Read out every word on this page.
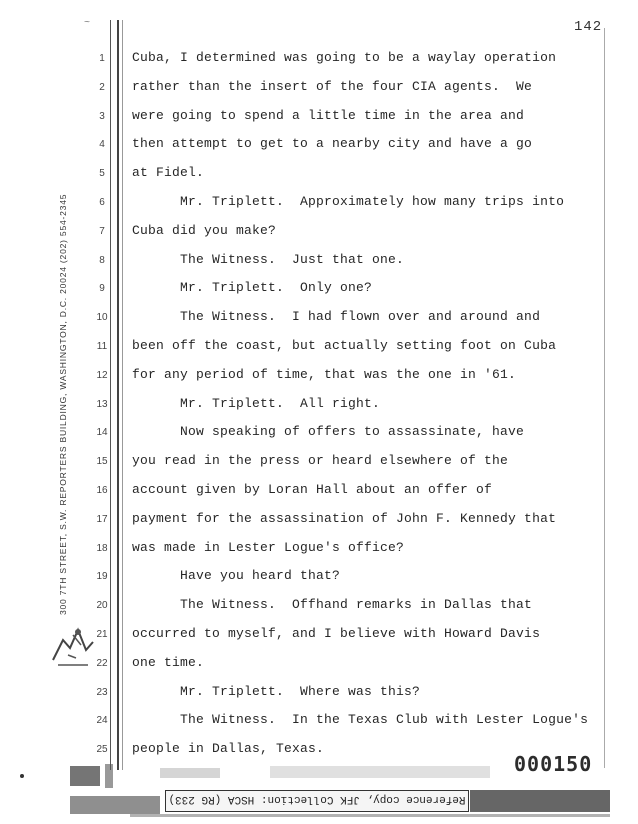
~	142
300 7TH STREET, S.W. REPORTERS BUILDING, WASHINGTON, D.C. 20024 (202) 554-2345
1	Cuba, I determined was going to be a waylay operation
2	rather than the insert of the four CIA agents.  We
3	were going to spend a little time in the area and
4	then attempt to get to a nearby city and have a go
5	at Fidel.
6	Mr. Triplett.  Approximately how many trips into
7	Cuba did you make?
8	The Witness.  Just that one.
9	Mr. Triplett.  Only one?
10 The Witness.  I had flown over and around and
11 been off the coast, but actually setting foot on Cuba
12 for any period of time, that was the one in '61.
13 Mr. Triplett.  All right.
14 Now speaking of offers to assassinate, have
15 you read in the press or heard elsewhere of the
16 account given by Loran Hall about an offer of
17 payment for the assassination of John F. Kennedy that
18 was made in Lester Logue's office?
19 Have you heard that?
20 The Witness.  Offhand remarks in Dallas that
21 occurred to myself, and I believe with Howard Davis
22 one time.
23 Mr. Triplett.  Where was this?
24 The Witness.  In the Texas Club with Lester Logue's
25 people in Dallas, Texas.
000150
Reference copy, JFK Collection: HSCA (RG 233)
